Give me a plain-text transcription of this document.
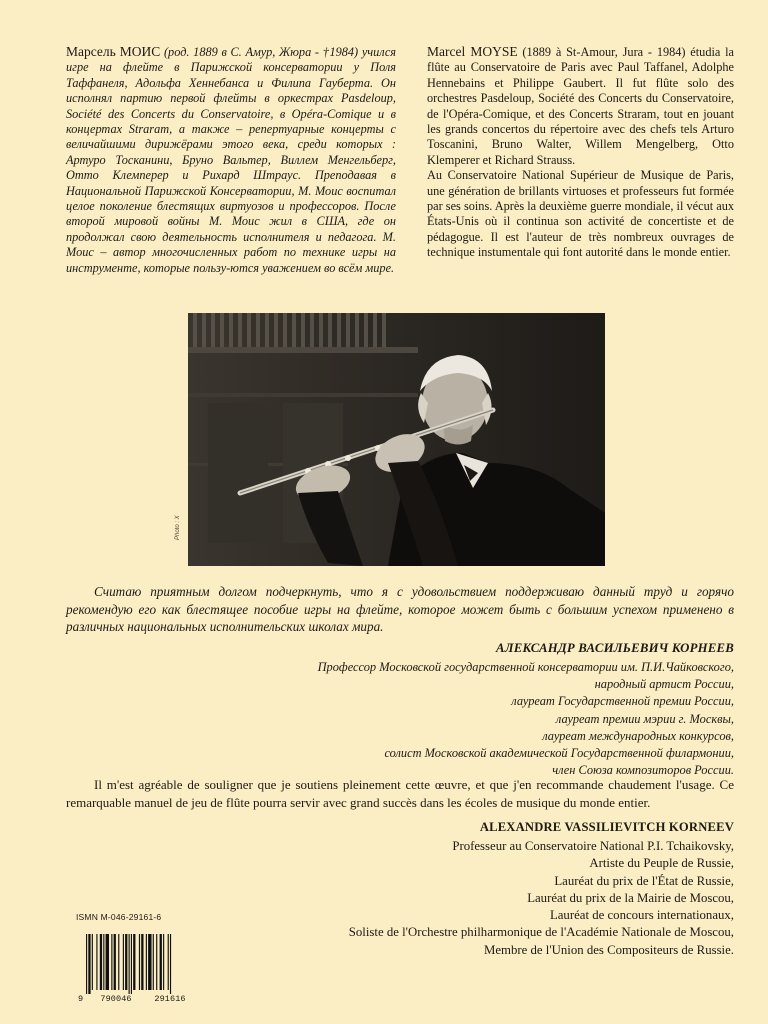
Марсель МОИС (род. 1889 в С. Амур, Жюра - †1984) учился игре на флейте в Парижской консерватории у Поля Таффанеля, Адольфа Хеннебанса и Филипа Гауберта. Он исполнял партию первой флейты в оркестрах Pasdeloup, Société des Concerts du Conservatoire, в Opéra-Comique и в концертах Straram, а также – репертуарные концерты с величайшими дирижёрами этого века, среди которых : Артуро Тосканини, Бруно Вальтер, Виллем Менгельберг, Отто Клемперер и Рихард Штраус. Преподавая в Национальной Парижской Консерватории, М. Моис воспитал целое поколение блестящих виртуозов и профессоров. После второй мировой войны М. Моис жил в США, где он продолжал свою деятельность исполнителя и педагога. М. Моис – автор многочисленных работ по технике игры на инструменте, которые пользу-ются уважением во всём мире.

Marcel MOYSE (1889 à St-Amour, Jura - 1984) étudia la flûte au Conservatoire de Paris avec Paul Taffanel, Adolphe Hennebains et Philippe Gaubert. Il fut flûte solo des orchestres Pasdeloup, Société des Concerts du Conservatoire, de l'Opéra-Comique, et des Concerts Straram, tout en jouant les grands concertos du répertoire avec des chefs tels Arturo Toscanini, Bruno Walter, Willem Mengelberg, Otto Klemperer et Richard Strauss.

Au Conservatoire National Supérieur de Musique de Paris, une génération de brillants virtuoses et professeurs fut formée par ses soins. Après la deuxième guerre mondiale, il vécut aux États-Unis où il continua son activité de concertiste et de pédagogue. Il est l'auteur de très nombreux ouvrages de technique instumentale qui font autorité dans le monde entier.

Photo : X

Считаю приятным долгом подчеркнуть, что я с удовольствием поддерживаю данный труд и горячо рекомендую его как блестящее пособие игры на флейте, которое может быть с большим успехом применено в различных национальных исполнительских школах мира.

АЛЕКСАНДР ВАСИЛЬЕВИЧ КОРНЕЕВ
Профессор Московской государственной консерватории им. П.И.Чайковского,
народный артист России,
лауреат Государственной премии России,
лауреат премии мэрии г. Москвы,
лауреат международных конкурсов,
солист Московской академической Государственной филармонии,
член Союза композиторов России.

Il m'est agréable de souligner que je soutiens pleinement cette œuvre, et que j'en recommande chaudement l'usage. Ce remarquable manuel de jeu de flûte pourra servir avec grand succès dans les écoles de musique du monde entier.

ALEXANDRE VASSILIEVITCH KORNEEV
Professeur au Conservatoire National P.I. Tchaikovsky,
Artiste du Peuple de Russie,
Lauréat du prix de l'État de Russie,
Lauréat du prix de la Mairie de Moscou,
Lauréat de concours internationaux,
Soliste de l'Orchestre philharmonique de l'Académie Nationale de Moscou,
Membre de l'Union des Compositeurs de Russie.
ISMN M-046-29161-6
9	790046	291616
